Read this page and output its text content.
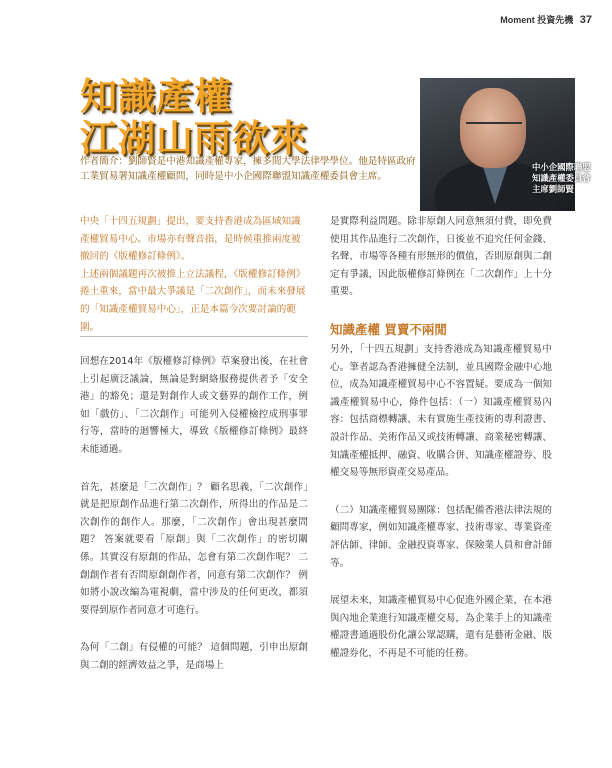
Moment 投資先機 37
知識產權
江湖山雨欲來
中小企國際聯盟
知識產權委員會
主席劉師賢
作者簡介：劉師賢是中港知識產權專家，擁多間大學法律學學位。他是特區政府工業貿易署知識產權顧問，同時是中小企國際聯盟知識產權委員會主席。

中央「十四五規劃」提出，要支持香港成為區域知識產權貿易中心。市場亦有聲音指，是時候重推兩度被撤回的《版權修訂條例》。

上述兩個議題再次被推上立法議程，《版權修訂條例》捲土重來，當中最大爭議是「二次創作」，而未來發展的「知識產權貿易中心」，正是本篇今次要討論的範圍。

回想在2014年《版權修訂條例》草案發出後，在社會上引起廣泛議論，無論是對網絡服務提供者予「安全港」的豁免；還是對創作人或文藝界的創作工作，例如「戲仿」、「二次創作」可能列入侵權檢控成刑事罪行等，當時的迴響極大，導致《版權修訂條例》最終未能通過。

首先，甚麼是「二次創作」？ 顧名思義，「二次創作」就是把原創作品進行第二次創作，所得出的作品是二次創作的創作人。那麼，「二次創作」會出現甚麼問題？ 答案就要看「原創」與「二次創作」的密切關係。其實沒有原創的作品，怎會有第二次創作呢？ 二創創作者有否問原創創作者，同意有第二次創作？ 例如將小說改編為電視劇，當中涉及的任何更改，都須要得到原作者同意才可進行。

為何「二創」有侵權的可能？ 這個問題，引申出原創與二創的經濟效益之爭，是商場上

是實際利益問題。除非原創人同意無須付費，即免費使用其作品進行二次創作，日後並不追究任何金錢、名聲、市場等各種有形無形的價值，否則原創與二創定有爭議，因此版權修訂條例在「二次創作」上十分重要。

知識產權 買賣不兩閒

另外，「十四五規劃」支持香港成為知識產權貿易中心。筆者認為香港擁健全法制，並具國際金融中心地位，成為知識產權貿易中心不容置疑。要成為一個知識產權貿易中心，條件包括：（一）知識產權貿易內容：包括商標轉讓、未有實施生產技術的專利證書、設計作品、美術作品又或技術轉讓、商業秘密轉讓、知識產權抵押、融資、收購合併、知識產權證券、股權交易等無形資產交易產品。

（二）知識產權貿易團隊：包括配備香港法律法規的顧問專家，例如知識產權專家、技術專家、專業資產評估師、律師、金融投資專家、保險業人員和會計師等。

展望未來，知識產權貿易中心促進外國企業，在本港與內地企業進行知識產權交易，為企業手上的知識產權證書通過股份化讓公眾認購，還有是藝術金融、版權證券化，不再是不可能的任務。
